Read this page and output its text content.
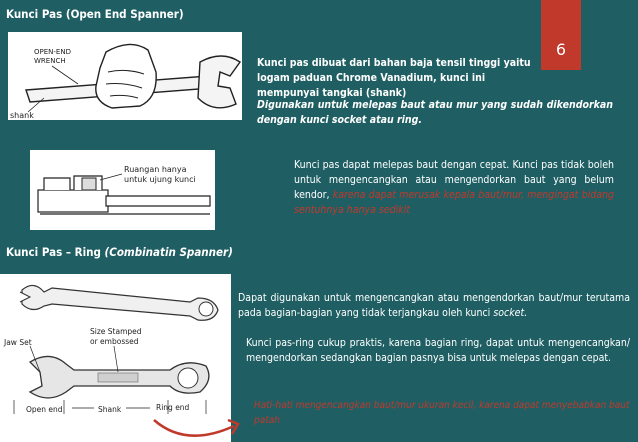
Kunci Pas (Open End Spanner)
6
OPEN-END
WRENCH
shank
Kunci pas dibuat dari bahan baja tensil tinggi yaitu logam paduan Chrome Vanadium, kunci ini mempunyai tangkai (shank)
Digunakan untuk melepas baut atau mur yang sudah dikendorkan dengan kunci socket atau ring.
Ruangan hanya
untuk ujung kunci
Kunci pas dapat melepas baut dengan cepat. Kunci pas tidak boleh untuk mengencangkan atau mengendorkan baut yang belum kendor, karena dapat merusak kepala baut/mur, mengingat bidang sentuhnya hanya sedikit
Kunci Pas – Ring (Combinatin Spanner)
Jaw Set
Size Stamped
or embossed
Open end	Shank	Ring end
Dapat digunakan untuk mengencangkan atau mengendorkan baut/mur terutama pada bagian-bagian yang tidak terjangkau oleh kunci socket.
Kunci pas-ring cukup praktis, karena bagian ring, dapat untuk mengencangkan/ mengendorkan sedangkan bagian pasnya bisa untuk melepas dengan cepat.
Hati-hati mengencangkan baut/mur ukuran kecil, karena dapat menyebabkan baut patah
